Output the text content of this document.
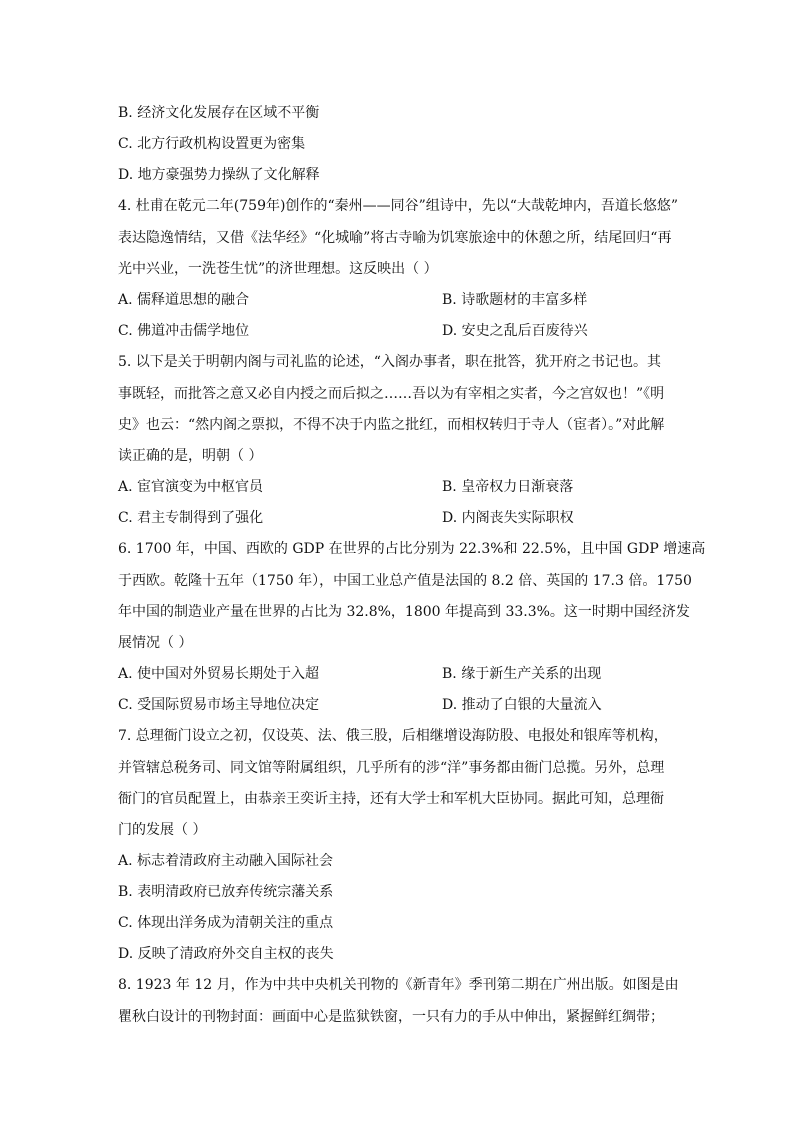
B. 经济文化发展存在区域不平衡
C. 北方行政机构设置更为密集
D. 地方豪强势力操纵了文化解释
4. 杜甫在乾元二年(759年)创作的“秦州——同谷”组诗中，先以“大哉乾坤内，吾道长悠悠”
表达隐逸情结，又借《法华经》“化城喻”将古寺喻为饥寒旅途中的休憩之所，结尾回归“再
光中兴业，一洗苍生忧”的济世理想。这反映出（ ）
A. 儒释道思想的融合	B. 诗歌题材的丰富多样
C. 佛道冲击儒学地位	D. 安史之乱后百废待兴
5. 以下是关于明朝内阁与司礼监的论述，“入阁办事者，职在批答，犹开府之书记也。其
事既轻，而批答之意又必自内授之而后拟之……吾以为有宰相之实者，今之宫奴也！”《明
史》也云：“然内阁之票拟，不得不决于内监之批红，而相权转归于寺人（宦者）。”对此解
读正确的是，明朝（ ）
A. 宦官演变为中枢官员	B. 皇帝权力日渐衰落
C. 君主专制得到了强化	D. 内阁丧失实际职权
6. 1700 年，中国、西欧的 GDP 在世界的占比分别为 22.3%和 22.5%，且中国 GDP 增速高
于西欧。乾隆十五年（1750 年），中国工业总产值是法国的 8.2 倍、英国的 17.3 倍。1750
年中国的制造业产量在世界的占比为 32.8%，1800 年提高到 33.3%。这一时期中国经济发
展情况（ ）
A. 使中国对外贸易长期处于入超	B. 缘于新生产关系的出现
C. 受国际贸易市场主导地位决定	D. 推动了白银的大量流入
7. 总理衙门设立之初，仅设英、法、俄三股，后相继增设海防股、电报处和银库等机构，
并管辖总税务司、同文馆等附属组织，几乎所有的涉“洋”事务都由衙门总揽。另外，总理
衙门的官员配置上，由恭亲王奕䜣主持，还有大学士和军机大臣协同。据此可知，总理衙
门的发展（ ）
A. 标志着清政府主动融入国际社会
B. 表明清政府已放弃传统宗藩关系
C. 体现出洋务成为清朝关注的重点
D. 反映了清政府外交自主权的丧失
8. 1923 年 12 月，作为中共中央机关刊物的《新青年》季刊第二期在广州出版。如图是由
瞿秋白设计的刊物封面：画面中心是监狱铁窗，一只有力的手从中伸出，紧握鲜红绸带；
